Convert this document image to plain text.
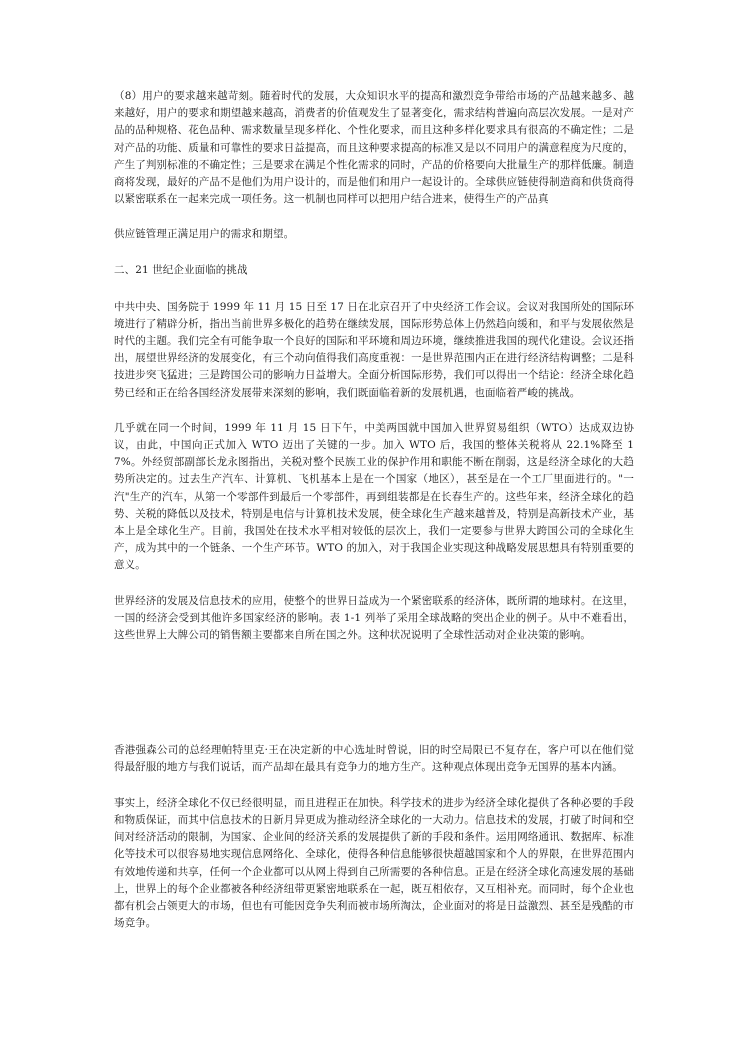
（8）用户的要求越来越苛刻。随着时代的发展，大众知识水平的提高和激烈竞争带给市场的产品越来越多、越来越好，用户的要求和期望越来越高，消费者的价值观发生了显著变化，需求结构普遍向高层次发展。一是对产品的品种规格、花色品种、需求数量呈现多样化、个性化要求，而且这种多样化要求具有很高的不确定性；二是对产品的功能、质量和可靠性的要求日益提高，而且这种要求提高的标准又是以不同用户的满意程度为尺度的，产生了判别标准的不确定性；三是要求在满足个性化需求的同时，产品的价格要向大批量生产的那样低廉。制造商将发现，最好的产品不是他们为用户设计的，而是他们和用户一起设计的。全球供应链使得制造商和供货商得以紧密联系在一起来完成一项任务。这一机制也同样可以把用户结合进来，使得生产的产品真

供应链管理正满足用户的需求和期望。

二、21 世纪企业面临的挑战

中共中央、国务院于 1999 年 11 月 15 日至 17 日在北京召开了中央经济工作会议。会议对我国所处的国际环境进行了精辟分析，指出当前世界多极化的趋势在继续发展，国际形势总体上仍然趋向缓和，和平与发展依然是时代的主题。我们完全有可能争取一个良好的国际和平环境和周边环境，继续推进我国的现代化建设。会议还指出，展望世界经济的发展变化，有三个动向值得我们高度重视：一是世界范围内正在进行经济结构调整；二是科技进步突飞猛进；三是跨国公司的影响力日益增大。全面分析国际形势，我们可以得出一个结论：经济全球化趋势已经和正在给各国经济发展带来深刻的影响，我们既面临着新的发展机遇，也面临着严峻的挑战。

几乎就在同一个时间，1999 年 11 月 15 日下午，中美两国就中国加入世界贸易组织（WTO）达成双边协议，由此，中国向正式加入 WTO 迈出了关键的一步。加入 WTO 后，我国的整体关税将从 22.1%降至 17%。外经贸部副部长龙永图指出，关税对整个民族工业的保护作用和职能不断在削弱，这是经济全球化的大趋势所决定的。过去生产汽车、计算机、飞机基本上是在一个国家（地区），甚至是在一个工厂里面进行的。"一汽"生产的汽车，从第一个零部件到最后一个零部件，再到组装都是在长春生产的。这些年来，经济全球化的趋势、关税的降低以及技术，特别是电信与计算机技术发展，使全球化生产越来越普及，特别是高新技术产业，基本上是全球化生产。目前，我国处在技术水平相对较低的层次上，我们一定要参与世界大跨国公司的全球化生产，成为其中的一个链条、一个生产环节。WTO 的加入，对于我国企业实现这种战略发展思想具有特别重要的意义。

世界经济的发展及信息技术的应用，使整个的世界日益成为一个紧密联系的经济体，既所谓的地球村。在这里，一国的经济会受到其他许多国家经济的影响。表 1-1 列举了采用全球战略的突出企业的例子。从中不难看出，这些世界上大牌公司的销售额主要都来自所在国之外。这种状况说明了全球性活动对企业决策的影响。

香港强森公司的总经理帕特里克·王在决定新的中心选址时曾说，旧的时空局限已不复存在，客户可以在他们觉得最舒服的地方与我们说话，而产品却在最具有竞争力的地方生产。这种观点体现出竞争无国界的基本内涵。

事实上，经济全球化不仅已经很明显，而且进程正在加快。科学技术的进步为经济全球化提供了各种必要的手段和物质保证，而其中信息技术的日新月异更成为推动经济全球化的一大动力。信息技术的发展，打破了时间和空间对经济活动的限制，为国家、企业间的经济关系的发展提供了新的手段和条件。运用网络通讯、数据库、标准化等技术可以很容易地实现信息网络化、全球化，使得各种信息能够很快超越国家和个人的界限，在世界范围内有效地传递和共享，任何一个企业都可以从网上得到自己所需要的各种信息。正是在经济全球化高速发展的基础上，世界上的每个企业都被各种经济纽带更紧密地联系在一起，既互相依存，又互相补充。而同时，每个企业也都有机会占领更大的市场，但也有可能因竞争失利而被市场所淘汰，企业面对的将是日益激烈、甚至是残酷的市场竞争。
